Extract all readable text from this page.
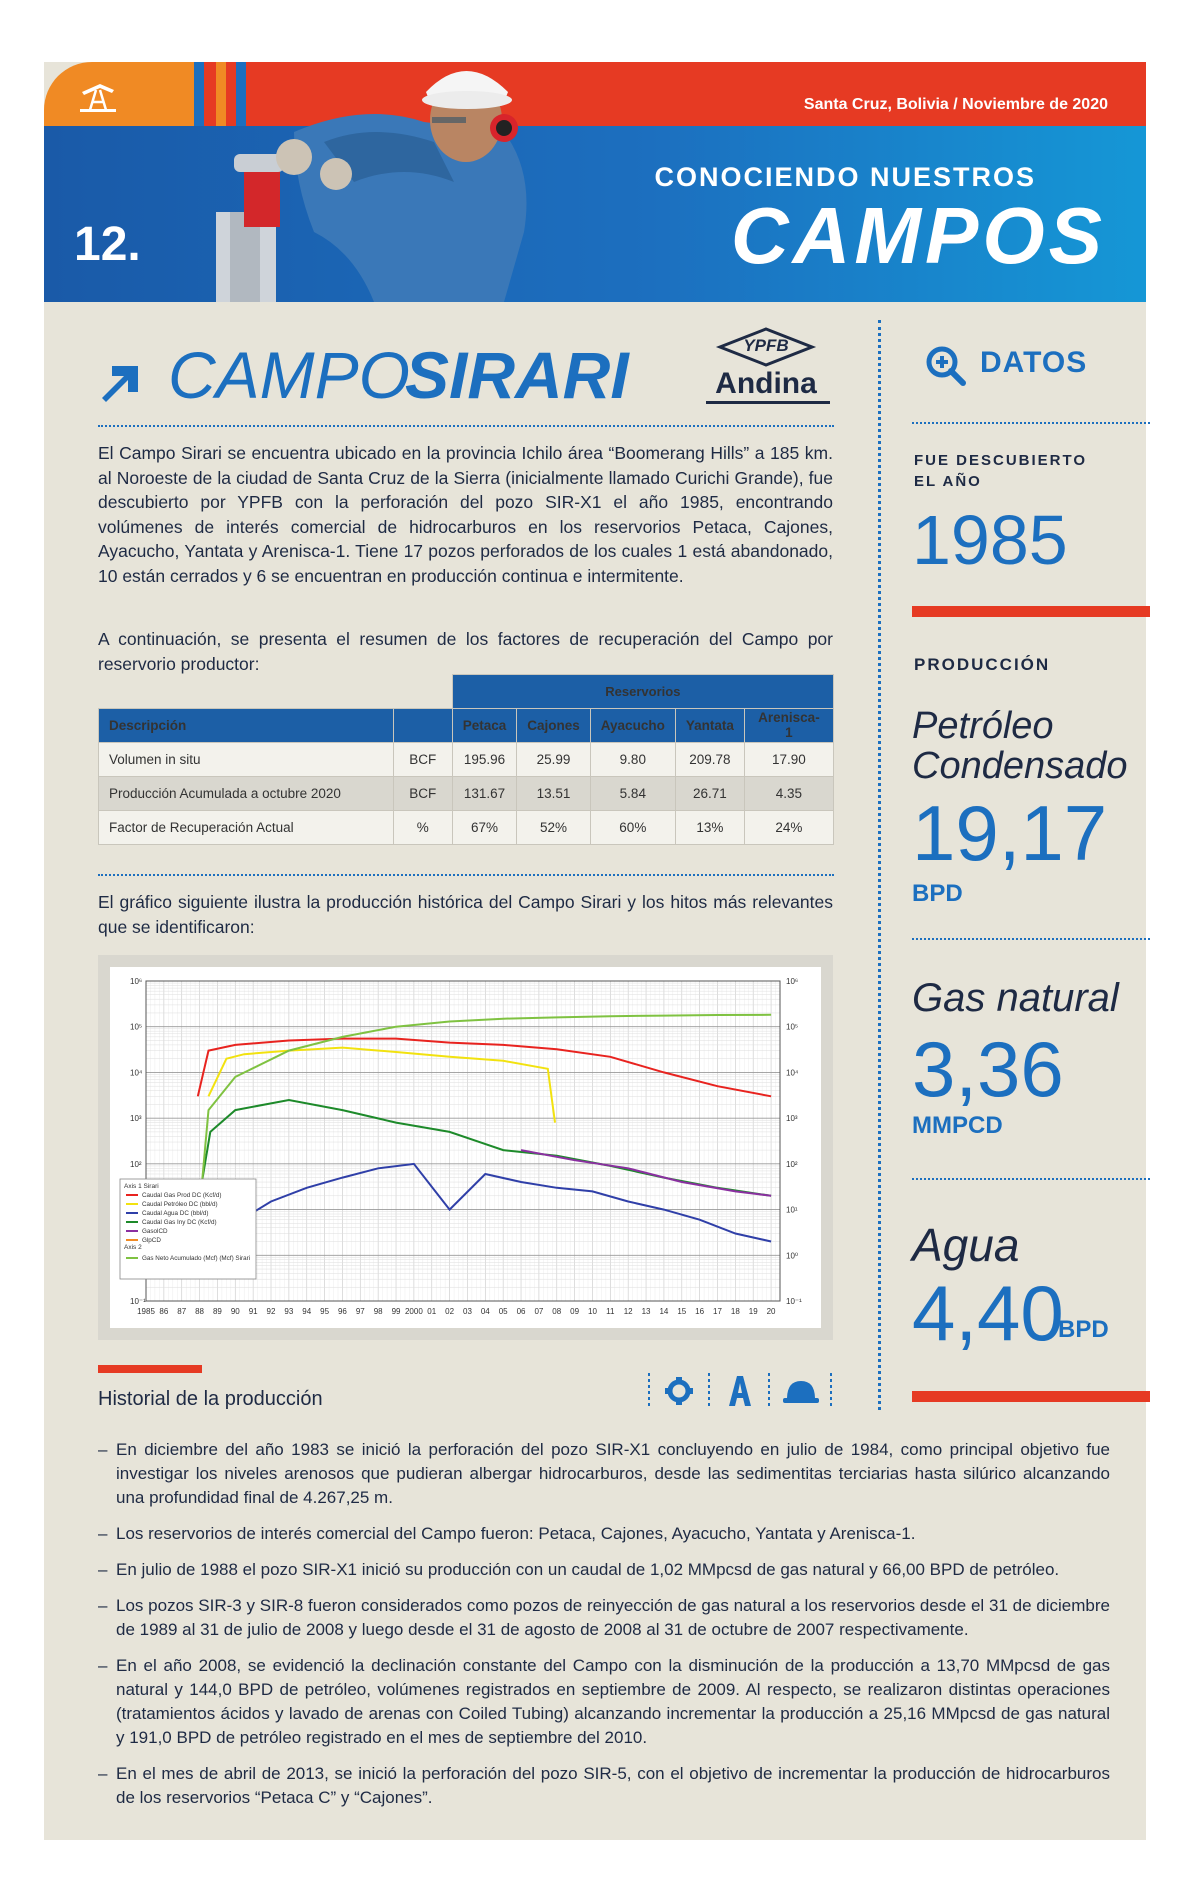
Santa Cruz, Bolivia / Noviembre de 2020
CONOCIENDO NUESTROS
CAMPOS
12.
CAMPO
SIRARI	YPFB
Andina
El Campo Sirari se encuentra ubicado en la provincia Ichilo área “Boomerang Hills” a 185 km. al Noroeste de la ciudad de Santa Cruz de la Sierra (inicialmente llamado Curichi Grande), fue descubierto por YPFB con la perforación del pozo SIR-X1 el año 1985, encontrando volúmenes de interés comercial de hidrocarburos en los reservorios Petaca, Cajones, Ayacucho, Yantata y Arenisca-1. Tiene 17 pozos perforados de los cuales 1 está abandonado, 10 están cerrados y 6 se encuentran en producción continua e intermitente.
A continuación, se presenta el resumen de los factores de recuperación del Campo por reservorio productor:
		Reservorios				
Descripción		Petaca	Cajones	Ayacucho	Yantata	Arenisca-1
Volumen in situ	BCF	195.96	25.99	9.80	209.78	17.90
Producción Acumulada a octubre 2020	BCF	131.67	13.51	5.84	26.71	4.35
Factor de Recuperación Actual	%	67%	52%	60%	13%	24%
El gráfico siguiente ilustra la producción histórica del Campo Sirari y los hitos más relevantes que se identificaron:
10⁶	10⁶
10⁵	10⁵
10⁴	10⁴
10³	10³
10²	10²
10¹
10⁰
10⁻¹	10⁻¹
1985 86 87 88 89 90 91 92 93 94 95 96 97 98 99 2000 01 02 03 04 05 06 07 08 09 10 11 12 13 14 15 16 17 18 19 20
Axis 1 Sirari
Caudal Gas Prod DC (Kcf/d)
Caudal Petróleo DC (bbl/d)
Caudal Agua DC (bbl/d)
Caudal Gas Iny DC (Kcf/d)
GasolCD
GlpCD
Gas Neto Acumulado (Mcf) (Mcf) Sirari
Axis 2
Historial de la producción
– En diciembre del año 1983 se inició la perforación del pozo SIR-X1 concluyendo en julio de 1984, como principal objetivo fue investigar los niveles arenosos que pudieran albergar hidrocarburos, desde las sedimentitas terciarias hasta silúrico alcanzando una profundidad final de 4.267,25 m.
– Los reservorios de interés comercial del Campo fueron: Petaca, Cajones, Ayacucho, Yantata y Arenisca-1.
– En julio de 1988 el pozo SIR-X1 inició su producción con un caudal de 1,02 MMpcsd de gas natural y 66,00 BPD de petróleo.
– Los pozos SIR-3 y SIR-8 fueron considerados como pozos de reinyección de gas natural a los reservorios desde el 31 de diciembre de 1989 al 31 de julio de 2008 y luego desde el 31 de agosto de 2008 al 31 de octubre de 2007 respectivamente.
– En el año 2008, se evidenció la declinación constante del Campo con la disminución de la producción a 13,70 MMpcsd de gas natural y 144,0 BPD de petróleo, volúmenes registrados en septiembre de 2009. Al respecto, se realizaron distintas operaciones (tratamientos ácidos y lavado de arenas con Coiled Tubing) alcanzando incrementar la producción a 25,16 MMpcsd de gas natural y 191,0 BPD de petróleo registrado en el mes de septiembre del 2010.
– En el mes de abril de 2013, se inició la perforación del pozo SIR-5, con el objetivo de incrementar la producción de hidrocarburos de los reservorios “Petaca C” y “Cajones”.
DATOS
FUE DESCUBIERTO
EL AÑO
1985
PRODUCCIÓN
Petróleo
Condensado
19,17
BPD
Gas natural
3,36
MMPCD
Agua
4,40
BPD
